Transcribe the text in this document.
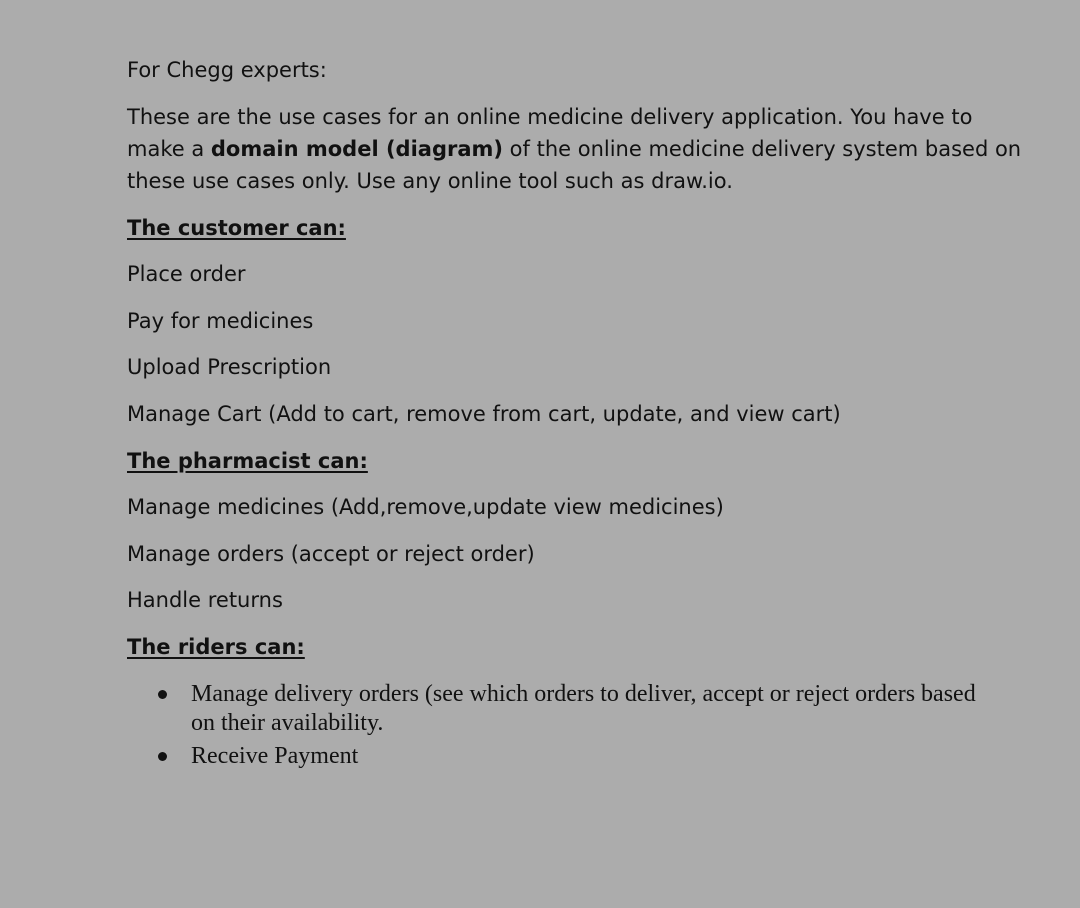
For Chegg experts:
These are the use cases for an online medicine delivery application. You have to
make a domain model (diagram) of the online medicine delivery system based on
these use cases only. Use any online tool such as draw.io.
The customer can:
Place order
Pay for medicines
Upload Prescription
Manage Cart (Add to cart, remove from cart, update, and view cart)
The pharmacist can:
Manage medicines (Add,remove,update view medicines)
Manage orders (accept or reject order)
Handle returns
The riders can:
Manage delivery orders (see which orders to deliver, accept or reject orders based on their availability.
Receive Payment
